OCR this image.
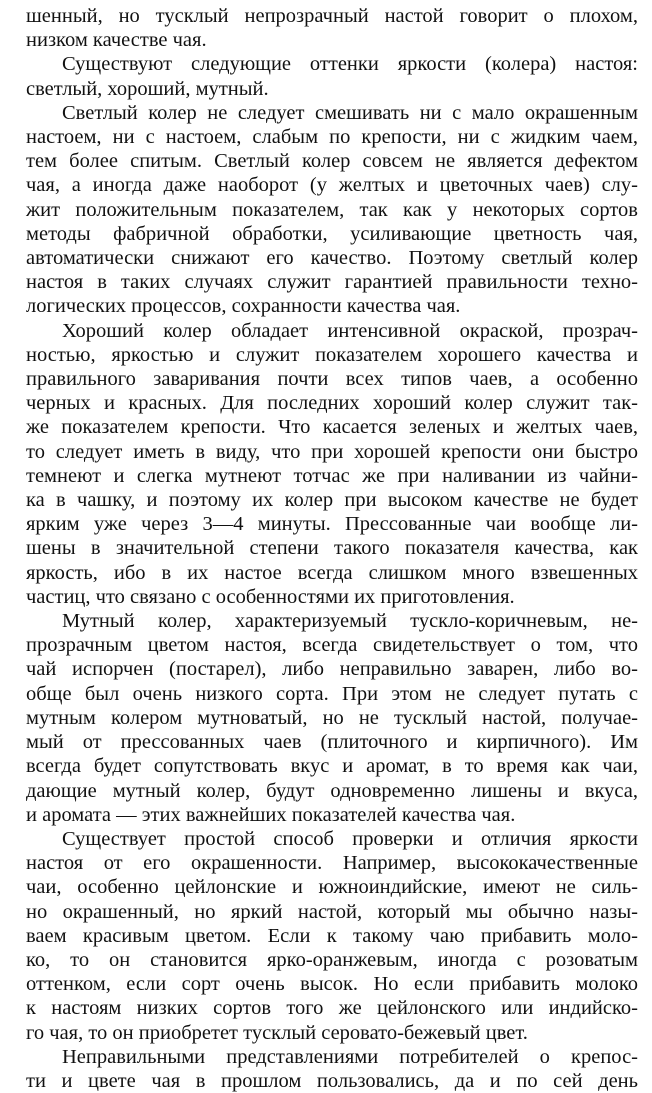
шенный, но тусклый непрозрачный настой говорит о плохом,
низком качестве чая.

Существуют следующие оттенки яркости (колера) настоя:
светлый, хороший, мутный.

Светлый колер не следует смешивать ни с мало окрашенным
настоем, ни с настоем, слабым по крепости, ни с жидким чаем,
тем более спитым. Светлый колер совсем не является дефектом
чая, а иногда даже наоборот (у желтых и цветочных чаев) слу-
жит положительным показателем, так как у некоторых сортов
методы фабричной обработки, усиливающие цветность чая,
автоматически снижают его качество. Поэтому светлый колер
настоя в таких случаях служит гарантией правильности техно-
логических процессов, сохранности качества чая.

Хороший колер обладает интенсивной окраской, прозрач-
ностью, яркостью и служит показателем хорошего качества и
правильного заваривания почти всех типов чаев, а особенно
черных и красных. Для последних хороший колер служит так-
же показателем крепости. Что касается зеленых и желтых чаев,
то следует иметь в виду, что при хорошей крепости они быстро
темнеют и слегка мутнеют тотчас же при наливании из чайни-
ка в чашку, и поэтому их колер при высоком качестве не будет
ярким уже через 3—4 минуты. Прессованные чаи вообще ли-
шены в значительной степени такого показателя качества, как
яркость, ибо в их настое всегда слишком много взвешенных
частиц, что связано с особенностями их приготовления.

Мутный колер, характеризуемый тускло-коричневым, не-
прозрачным цветом настоя, всегда свидетельствует о том, что
чай испорчен (постарел), либо неправильно заварен, либо во-
обще был очень низкого сорта. При этом не следует путать с
мутным колером мутноватый, но не тусклый настой, получае-
мый от прессованных чаев (плиточного и кирпичного). Им
всегда будет сопутствовать вкус и аромат, в то время как чаи,
дающие мутный колер, будут одновременно лишены и вкуса,
и аромата — этих важнейших показателей качества чая.

Существует простой способ проверки и отличия яркости
настоя от его окрашенности. Например, высококачественные
чаи, особенно цейлонские и южноиндийские, имеют не силь-
но окрашенный, но яркий настой, который мы обычно назы-
ваем красивым цветом. Если к такому чаю прибавить моло-
ко, то он становится ярко-оранжевым, иногда с розоватым
оттенком, если сорт очень высок. Но если прибавить молоко
к настоям низких сортов того же цейлонского или индийско-
го чая, то он приобретет тусклый серовато-бежевый цвет.

Неправильными представлениями потребителей о крепос-
ти и цвете чая в прошлом пользовались, да и по сей день
